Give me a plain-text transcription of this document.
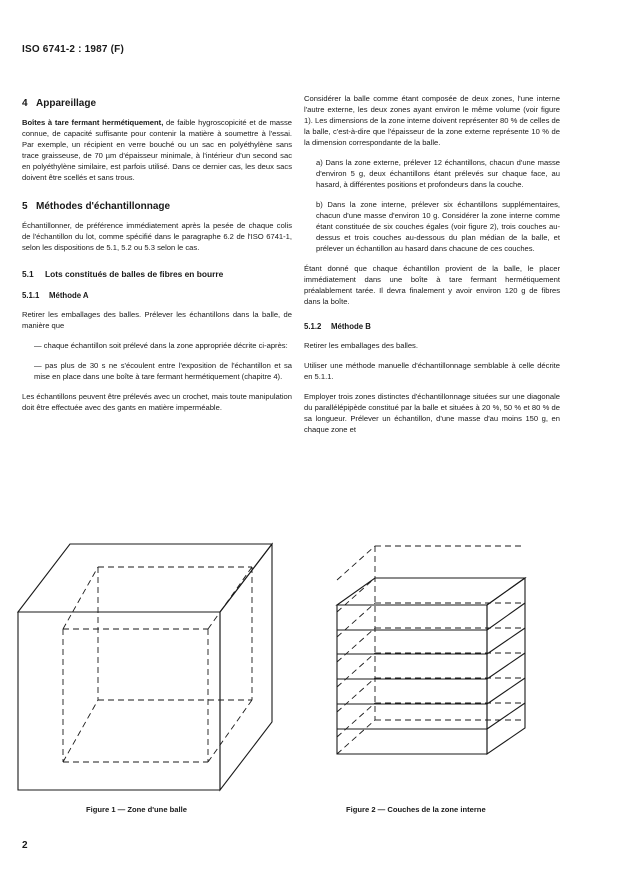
ISO 6741-2 : 1987 (F)
4 Appareillage

Boîtes à tare fermant hermétiquement, de faible hygroscopicité et de masse connue, de capacité suffisante pour contenir la matière à soumettre à l'essai. Par exemple, un récipient en verre bouché ou un sac en polyéthylène sans trace graisseuse, de 70 µm d'épaisseur minimale, à l'intérieur d'un second sac en polyéthylène similaire, est parfois utilisé. Dans ce dernier cas, les deux sacs doivent être scellés et sans trous.

5 Méthodes d'échantillonnage

Échantillonner, de préférence immédiatement après la pesée de chaque colis de l'échantillon du lot, comme spécifié dans le paragraphe 6.2 de l'ISO 6741-1, selon les dispositions de 5.1, 5.2 ou 5.3 selon le cas.

5.1 Lots constitués de balles de fibres en bourre
5.1.1 Méthode A

Retirer les emballages des balles. Prélever les échantillons dans la balle, de manière que

— chaque échantillon soit prélevé dans la zone appropriée décrite ci-après:

— pas plus de 30 s ne s'écoulent entre l'exposition de l'échantillon et sa mise en place dans une boîte à tare fermant hermétiquement (chapitre 4).

Les échantillons peuvent être prélevés avec un crochet, mais toute manipulation doit être effectuée avec des gants en matière imperméable.

Considérer la balle comme étant composée de deux zones, l'une interne l'autre externe, les deux zones ayant environ le même volume (voir figure 1). Les dimensions de la zone interne doivent représenter 80 % de celles de la balle, c'est-à-dire que l'épaisseur de la zone externe représente 10 % de la dimension correspondante de la balle.

a) Dans la zone externe, prélever 12 échantillons, chacun d'une masse d'environ 5 g, deux échantillons étant prélevés sur chaque face, au hasard, à différentes positions et profondeurs dans la couche.

b) Dans la zone interne, prélever six échantillons supplémentaires, chacun d'une masse d'environ 10 g. Considérer la zone interne comme étant constituée de six couches égales (voir figure 2), trois couches au-dessus et trois couches au-dessous du plan médian de la balle, et prélever un échantillon au hasard dans chacune de ces couches.

Étant donné que chaque échantillon provient de la balle, le placer immédiatement dans une boîte à tare fermant hermétiquement préalablement tarée. Il devra finalement y avoir environ 120 g de fibres dans la boîte.

5.1.2 Méthode B

Retirer les emballages des balles.

Utiliser une méthode manuelle d'échantillonnage semblable à celle décrite en 5.1.1.

Employer trois zones distinctes d'échantillonnage situées sur une diagonale du parallélépipède constitué par la balle et situées à 20 %, 50 % et 80 % de sa longueur. Prélever un échantillon, d'une masse d'au moins 150 g, en chaque zone et

Figure 1 — Zone d'une balle	Figure 2 — Couches de la zone interne
2
